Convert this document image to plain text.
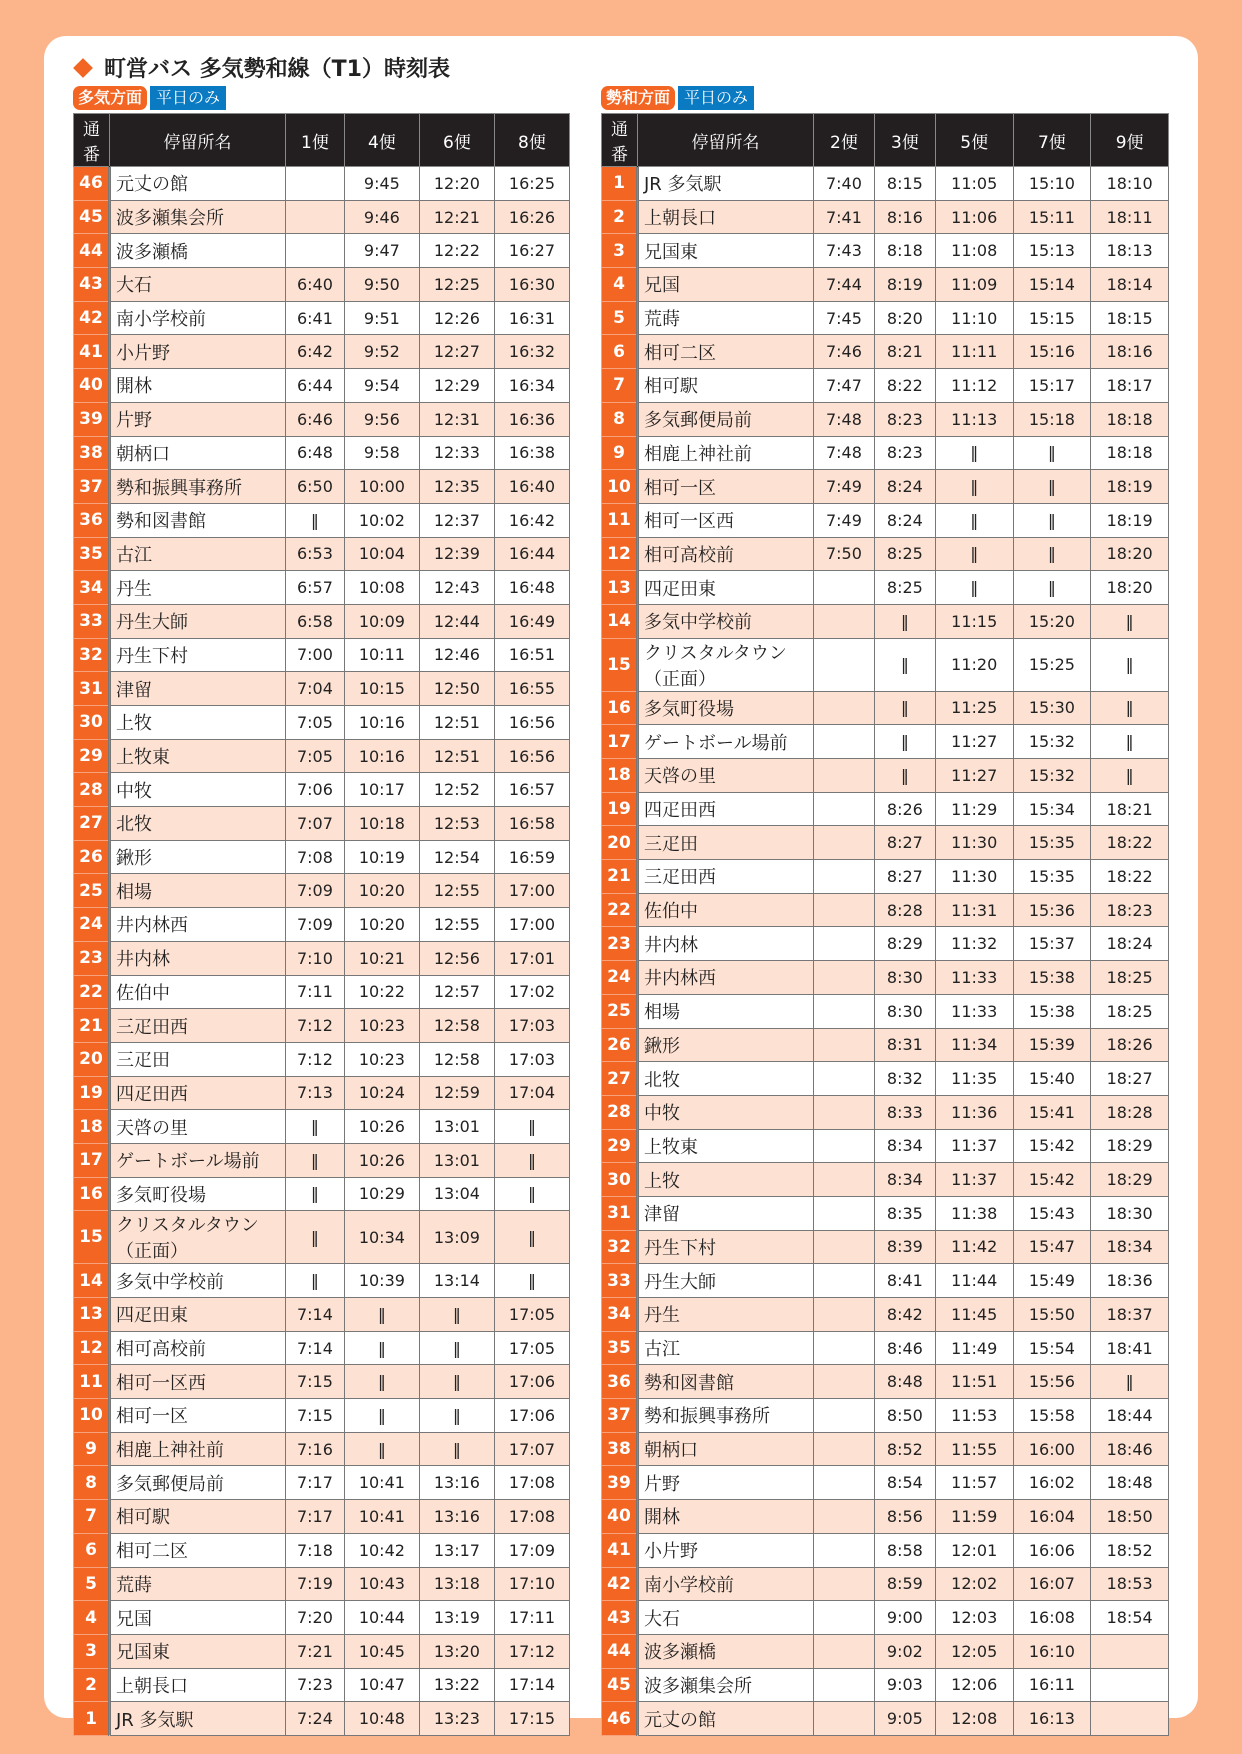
町営バス 多気勢和線（T1）時刻表
多気方面 平日のみ	勢和方面 平日のみ
通番	停留所名	1便	4便	6便	8便
46	元丈の館		9:45	12:20	16:25
45	波多瀬集会所		9:46	12:21	16:26
44	波多瀬橋		9:47	12:22	16:27
43	大石	6:40	9:50	12:25	16:30
42	南小学校前	6:41	9:51	12:26	16:31
41	小片野	6:42	9:52	12:27	16:32
40	開林	6:44	9:54	12:29	16:34
39	片野	6:46	9:56	12:31	16:36
38	朝柄口	6:48	9:58	12:33	16:38
37	勢和振興事務所	6:50	10:00	12:35	16:40
36	勢和図書館	‖	10:02	12:37	16:42
35	古江	6:53	10:04	12:39	16:44
34	丹生	6:57	10:08	12:43	16:48
33	丹生大師	6:58	10:09	12:44	16:49
32	丹生下村	7:00	10:11	12:46	16:51
31	津留	7:04	10:15	12:50	16:55
30	上牧	7:05	10:16	12:51	16:56
29	上牧東	7:05	10:16	12:51	16:56
28	中牧	7:06	10:17	12:52	16:57
27	北牧	7:07	10:18	12:53	16:58
26	鍬形	7:08	10:19	12:54	16:59
25	相場	7:09	10:20	12:55	17:00
24	井内林西	7:09	10:20	12:55	17:00
23	井内林	7:10	10:21	12:56	17:01
22	佐伯中	7:11	10:22	12:57	17:02
21	三疋田西	7:12	10:23	12:58	17:03
20	三疋田	7:12	10:23	12:58	17:03
19	四疋田西	7:13	10:24	12:59	17:04
18	天啓の里	‖	10:26	13:01	‖
17	ゲートボール場前	‖	10:26	13:01	‖
16	多気町役場	‖	10:29	13:04	‖
15	クリスタルタウン（正面）	‖	10:34	13:09	‖
14	多気中学校前	‖	10:39	13:14	‖
13	四疋田東	7:14	‖	‖	17:05
12	相可高校前	7:14	‖	‖	17:05
11	相可一区西	7:15	‖	‖	17:06
10	相可一区	7:15	‖	‖	17:06
9	相鹿上神社前	7:16	‖	‖	17:07
8	多気郵便局前	7:17	10:41	13:16	17:08
7	相可駅	7:17	10:41	13:16	17:08
6	相可二区	7:18	10:42	13:17	17:09
5	荒蒔	7:19	10:43	13:18	17:10
4	兄国	7:20	10:44	13:19	17:11
3	兄国東	7:21	10:45	13:20	17:12
2	上朝長口	7:23	10:47	13:22	17:14
1	JR 多気駅	7:24	10:48	13:23	17:15
通番	停留所名	2便	3便	5便	7便	9便
1	JR 多気駅	7:40	8:15	11:05	15:10	18:10
2	上朝長口	7:41	8:16	11:06	15:11	18:11
3	兄国東	7:43	8:18	11:08	15:13	18:13
4	兄国	7:44	8:19	11:09	15:14	18:14
5	荒蒔	7:45	8:20	11:10	15:15	18:15
6	相可二区	7:46	8:21	11:11	15:16	18:16
7	相可駅	7:47	8:22	11:12	15:17	18:17
8	多気郵便局前	7:48	8:23	11:13	15:18	18:18
9	相鹿上神社前	7:48	8:23	‖	‖	18:18
10	相可一区	7:49	8:24	‖	‖	18:19
11	相可一区西	7:49	8:24	‖	‖	18:19
12	相可高校前	7:50	8:25	‖	‖	18:20
13	四疋田東		8:25	‖	‖	18:20
14	多気中学校前		‖	11:15	15:20	‖
15	クリスタルタウン（正面）		‖	11:20	15:25	‖
16	多気町役場		‖	11:25	15:30	‖
17	ゲートボール場前		‖	11:27	15:32	‖
18	天啓の里		‖	11:27	15:32	‖
19	四疋田西		8:26	11:29	15:34	18:21
20	三疋田		8:27	11:30	15:35	18:22
21	三疋田西		8:27	11:30	15:35	18:22
22	佐伯中		8:28	11:31	15:36	18:23
23	井内林		8:29	11:32	15:37	18:24
24	井内林西		8:30	11:33	15:38	18:25
25	相場		8:30	11:33	15:38	18:25
26	鍬形		8:31	11:34	15:39	18:26
27	北牧		8:32	11:35	15:40	18:27
28	中牧		8:33	11:36	15:41	18:28
29	上牧東		8:34	11:37	15:42	18:29
30	上牧		8:34	11:37	15:42	18:29
31	津留		8:35	11:38	15:43	18:30
32	丹生下村		8:39	11:42	15:47	18:34
33	丹生大師		8:41	11:44	15:49	18:36
34	丹生		8:42	11:45	15:50	18:37
35	古江		8:46	11:49	15:54	18:41
36	勢和図書館		8:48	11:51	15:56	‖
37	勢和振興事務所		8:50	11:53	15:58	18:44
38	朝柄口		8:52	11:55	16:00	18:46
39	片野		8:54	11:57	16:02	18:48
40	開林		8:56	11:59	16:04	18:50
41	小片野		8:58	12:01	16:06	18:52
42	南小学校前		8:59	12:02	16:07	18:53
43	大石		9:00	12:03	16:08	18:54
44	波多瀬橋		9:02	12:05	16:10	
45	波多瀬集会所		9:03	12:06	16:11	
46	元丈の館		9:05	12:08	16:13	
